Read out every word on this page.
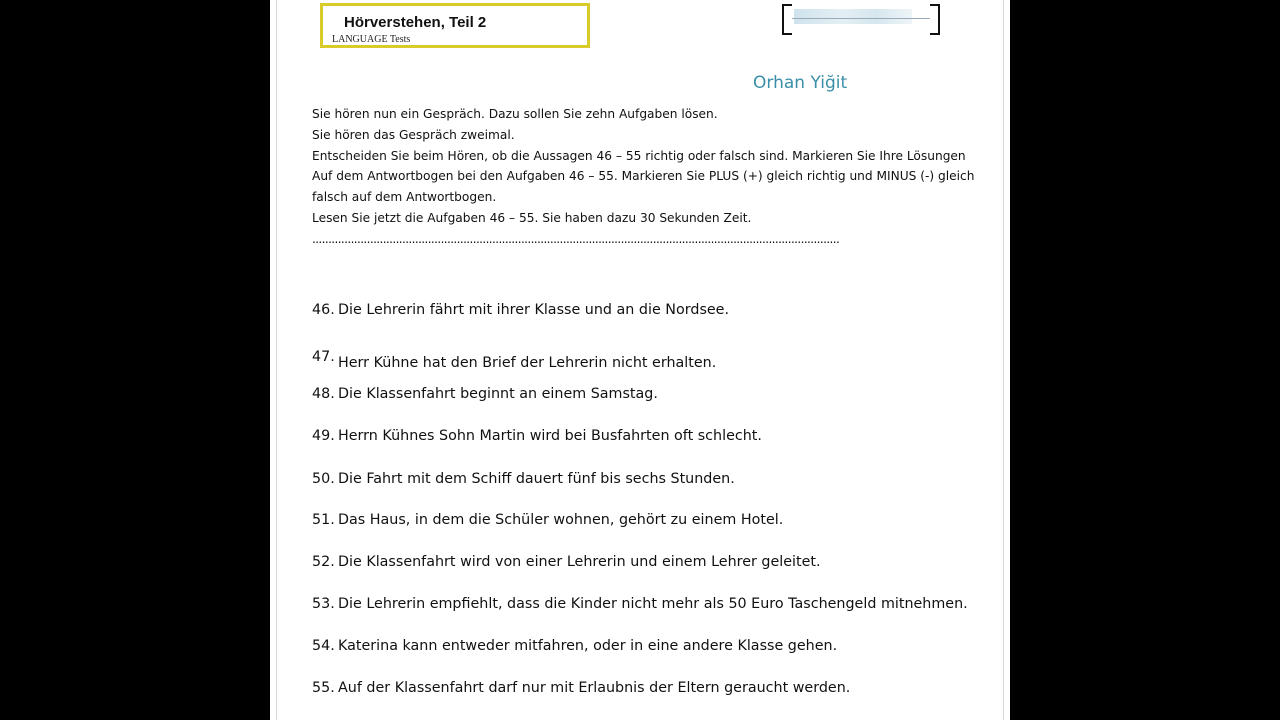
Hörverstehen, Teil 2
LANGUAGE Tests
Orhan Yiğit

Sie hören nun ein Gespräch. Dazu sollen Sie zehn Aufgaben lösen.

Sie hören das Gespräch zweimal.

Entscheiden Sie beim Hören, ob die Aussagen 46 – 55 richtig oder falsch sind. Markieren Sie Ihre Lösungen

Auf dem Antwortbogen bei den Aufgaben 46 – 55. Markieren Sie PLUS (+) gleich richtig und MINUS (-) gleich

falsch auf dem Antwortbogen.

Lesen Sie jetzt die Aufgaben 46 – 55. Sie haben dazu 30 Sekunden Zeit.

....................................................................................................................................................................
46. Die Lehrerin fährt mit ihrer Klasse und an die Nordsee.
47. Herr Kühne hat den Brief der Lehrerin nicht erhalten.
48. Die Klassenfahrt beginnt an einem Samstag.
49. Herrn Kühnes Sohn Martin wird bei Busfahrten oft schlecht.
50. Die Fahrt mit dem Schiff dauert fünf bis sechs Stunden.
51. Das Haus, in dem die Schüler wohnen, gehört zu einem Hotel.
52. Die Klassenfahrt wird von einer Lehrerin und einem Lehrer geleitet.
53. Die Lehrerin empfiehlt, dass die Kinder nicht mehr als 50 Euro Taschengeld mitnehmen.
54. Katerina kann entweder mitfahren, oder in eine andere Klasse gehen.
55. Auf der Klassenfahrt darf nur mit Erlaubnis der Eltern geraucht werden.
